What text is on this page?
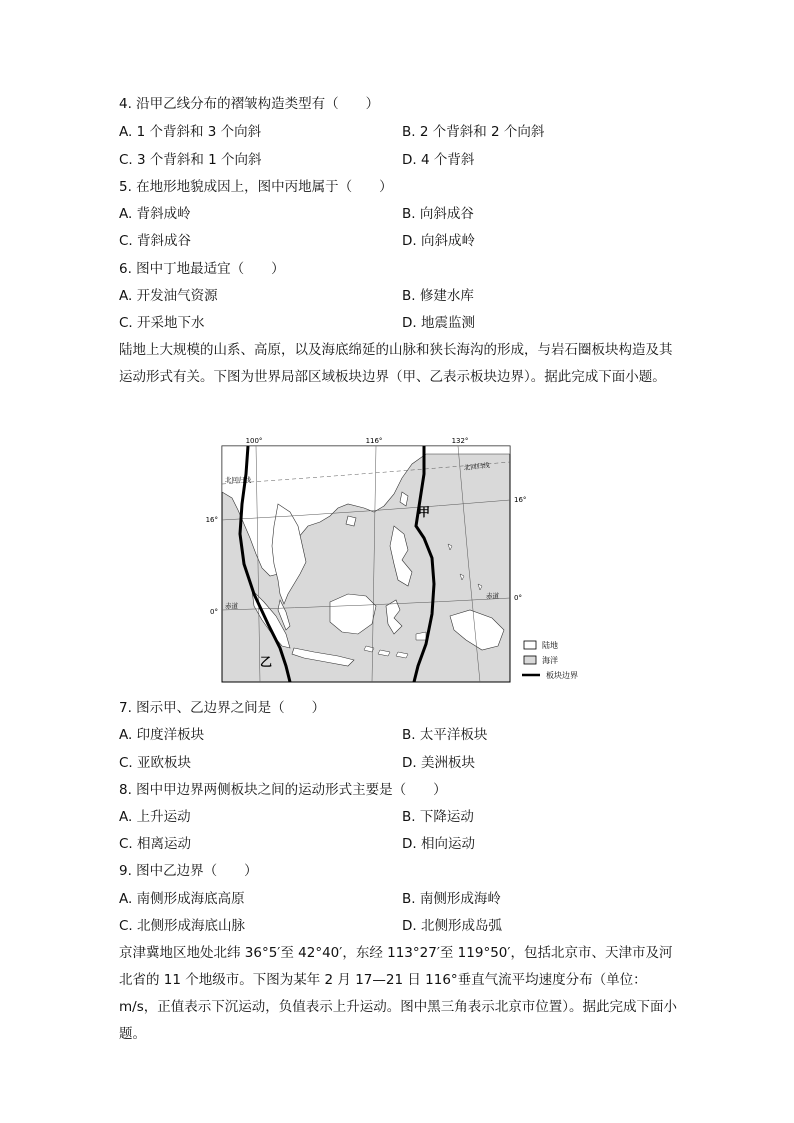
4. 沿甲乙线分布的褶皱构造类型有（　　）
A. 1 个背斜和 3 个向斜	B. 2 个背斜和 2 个向斜
C. 3 个背斜和 1 个向斜	D. 4 个背斜
5. 在地形地貌成因上，图中丙地属于（　　）
A. 背斜成岭	B. 向斜成谷
C. 背斜成谷	D. 向斜成岭
6. 图中丁地最适宜（　　）
A. 开发油气资源	B. 修建水库
C. 开采地下水	D. 地震监测
陆地上大规模的山系、高原，以及海底绵延的山脉和狭长海沟的形成，与岩石圈板块构造及其运动形式有关。下图为世界局部区域板块边界（甲、乙表示板块边界）。据此完成下面小题。
100°	116°	132°
16°
0°
16°
0°
北回归线
北回归线
赤道
赤道
甲
乙
陆地
海洋
板块边界
7. 图示甲、乙边界之间是（　　）
A. 印度洋板块	B. 太平洋板块
C. 亚欧板块	D. 美洲板块
8. 图中甲边界两侧板块之间的运动形式主要是（　　）
A. 上升运动	B. 下降运动
C. 相离运动	D. 相向运动
9. 图中乙边界（　　）
A. 南侧形成海底高原	B. 南侧形成海岭
C. 北侧形成海底山脉	D. 北侧形成岛弧
京津冀地区地处北纬 36°5′至 42°40′，东经 113°27′至 119°50′，包括北京市、天津市及河北省的 11 个地级市。下图为某年 2 月 17—21 日 116°垂直气流平均速度分布（单位：m/s，正值表示下沉运动，负值表示上升运动。图中黑三角表示北京市位置）。据此完成下面小题。
